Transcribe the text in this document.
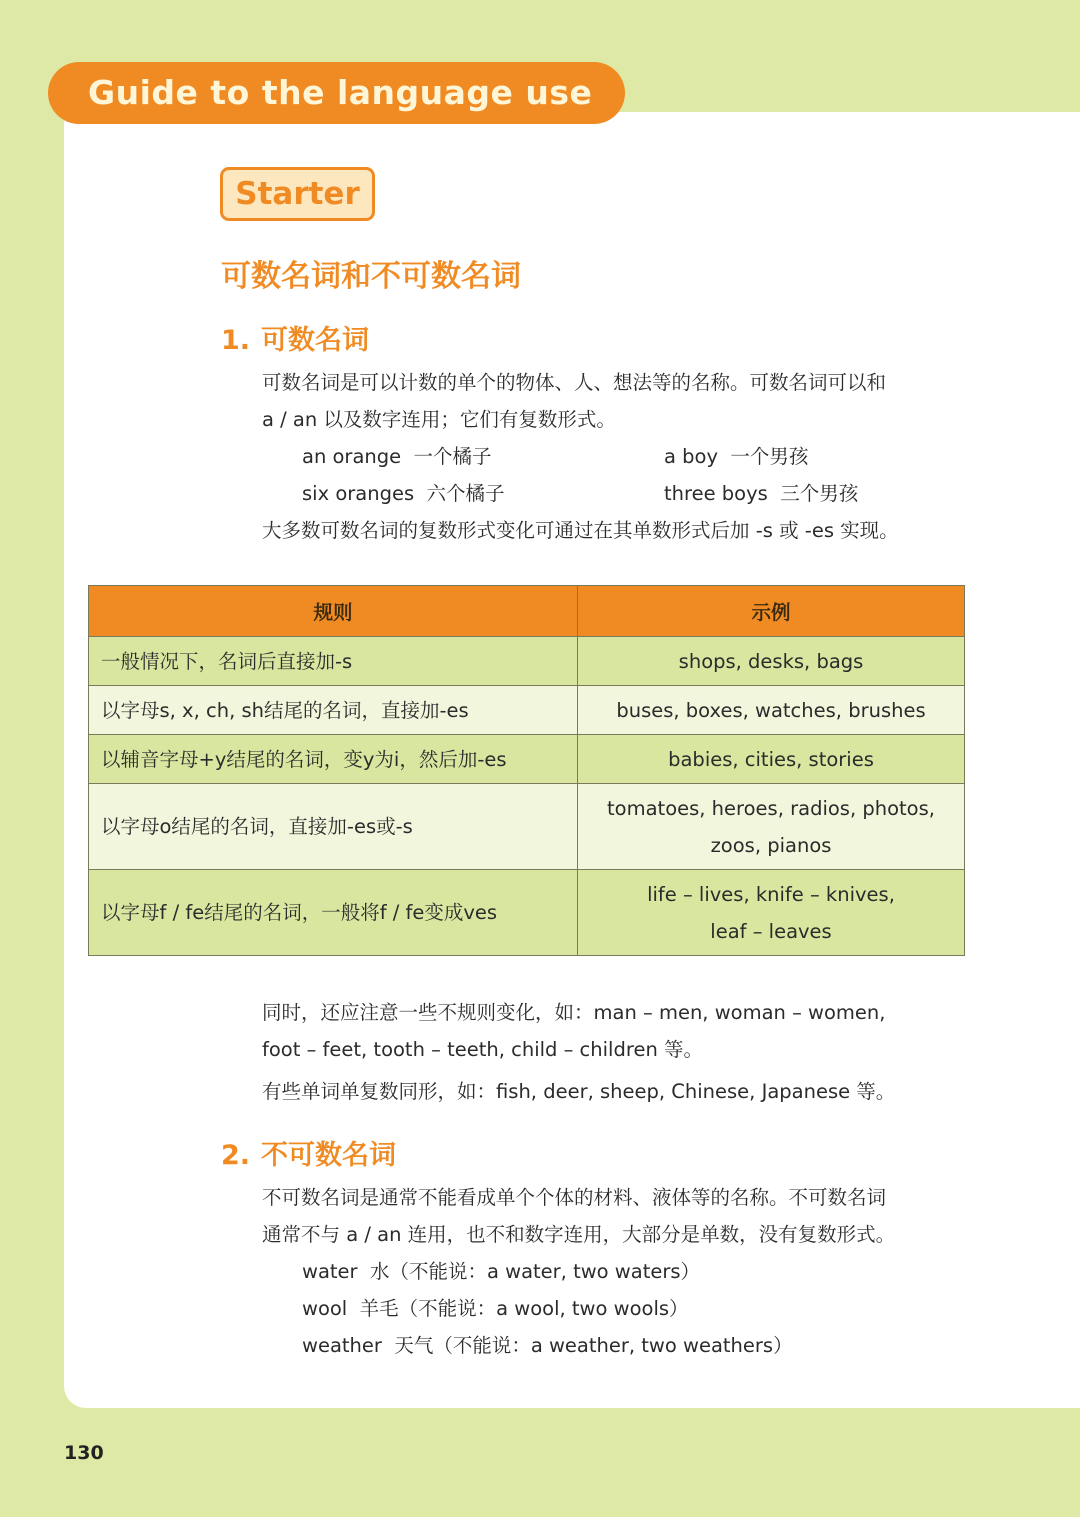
Guide to the language use
Starter
可数名词和不可数名词
1. 可数名词

可数名词是可以计数的单个的物体、人、想法等的名称。可数名词可以和

a / an 以及数字连用；它们有复数形式。

an orange 一个橘子	a boy 一个男孩

six oranges 六个橘子	three boys 三个男孩

大多数可数名词的复数形式变化可通过在其单数形式后加 -s 或 -es 实现。

规则	示例
一般情况下，名词后直接加-s	shops, desks, bags
以字母s, x, ch, sh结尾的名词，直接加-es	buses, boxes, watches, brushes
以辅音字母+y结尾的名词，变y为i，然后加-es	babies, cities, stories
以字母o结尾的名词，直接加-es或-s	tomatoes, heroes, radios, photos,
zoos, pianos

以字母f / fe结尾的名词，一般将f / fe变成ves	life – lives, knife – knives,
leaf – leaves

同时，还应注意一些不规则变化，如：man – men, woman – women,

foot – feet, tooth – teeth, child – children 等。

有些单词单复数同形，如：fish, deer, sheep, Chinese, Japanese 等。

2. 不可数名词

不可数名词是通常不能看成单个个体的材料、液体等的名称。不可数名词

通常不与 a / an 连用，也不和数字连用，大部分是单数，没有复数形式。

water 水（不能说：a water, two waters）

wool 羊毛（不能说：a wool, two wools）

weather 天气（不能说：a weather, two weathers）

130
